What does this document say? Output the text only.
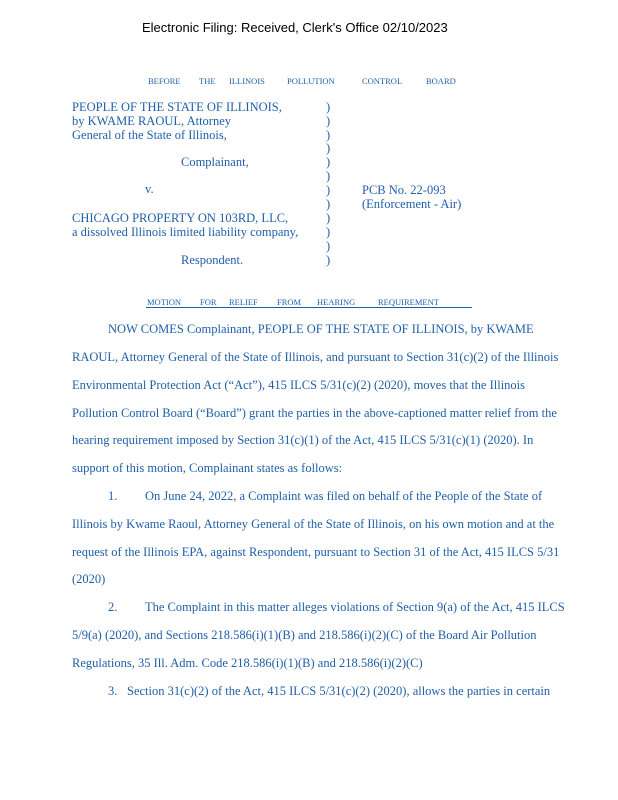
Electronic Filing: Received, Clerk's Office 02/10/2023
BEFORE THE ILLINOIS	POLLUTION	CONTROL	BOARD
PEOPLE OF THE STATE OF ILLINOIS,
by KWAME RAOUL, Attorney
General of the State of Illinois,
Complainant,
v.
CHICAGO PROPERTY ON 103RD, LLC,
a dissolved Illinois limited liability company,
Respondent.
)
)
)
)
)
)
)
)
)
)
)
)
PCB No. 22-093
(Enforcement - Air)
MOTION FOR RELIEF FROM HEARING	REQUIREMENT
NOW COMES Complainant, PEOPLE OF THE STATE OF ILLINOIS, by KWAME
RAOUL, Attorney General of the State of Illinois, and pursuant to Section 31(c)(2) of the Illinois
Environmental Protection Act (“Act”), 415 ILCS 5/31(c)(2) (2020), moves that the Illinois
Pollution Control Board (“Board”) grant the parties in the above-captioned matter relief from the
hearing requirement imposed by Section 31(c)(1) of the Act, 415 ILCS 5/31(c)(1) (2020). In
support of this motion, Complainant states as follows:
1.	On June 24, 2022, a Complaint was filed on behalf of the People of the State of
Illinois by Kwame Raoul, Attorney General of the State of Illinois, on his own motion and at the
request of the Illinois EPA, against Respondent, pursuant to Section 31 of the Act, 415 ILCS 5/31
(2020)
2.	The Complaint in this matter alleges violations of Section 9(a) of the Act, 415 ILCS
5/9(a) (2020), and Sections 218.586(i)(1)(B) and 218.586(i)(2)(C) of the Board Air Pollution
Regulations, 35 Ill. Adm. Code 218.586(i)(1)(B) and 218.586(i)(2)(C)
3. Section 31(c)(2) of the Act, 415 ILCS 5/31(c)(2) (2020), allows the parties in certain
